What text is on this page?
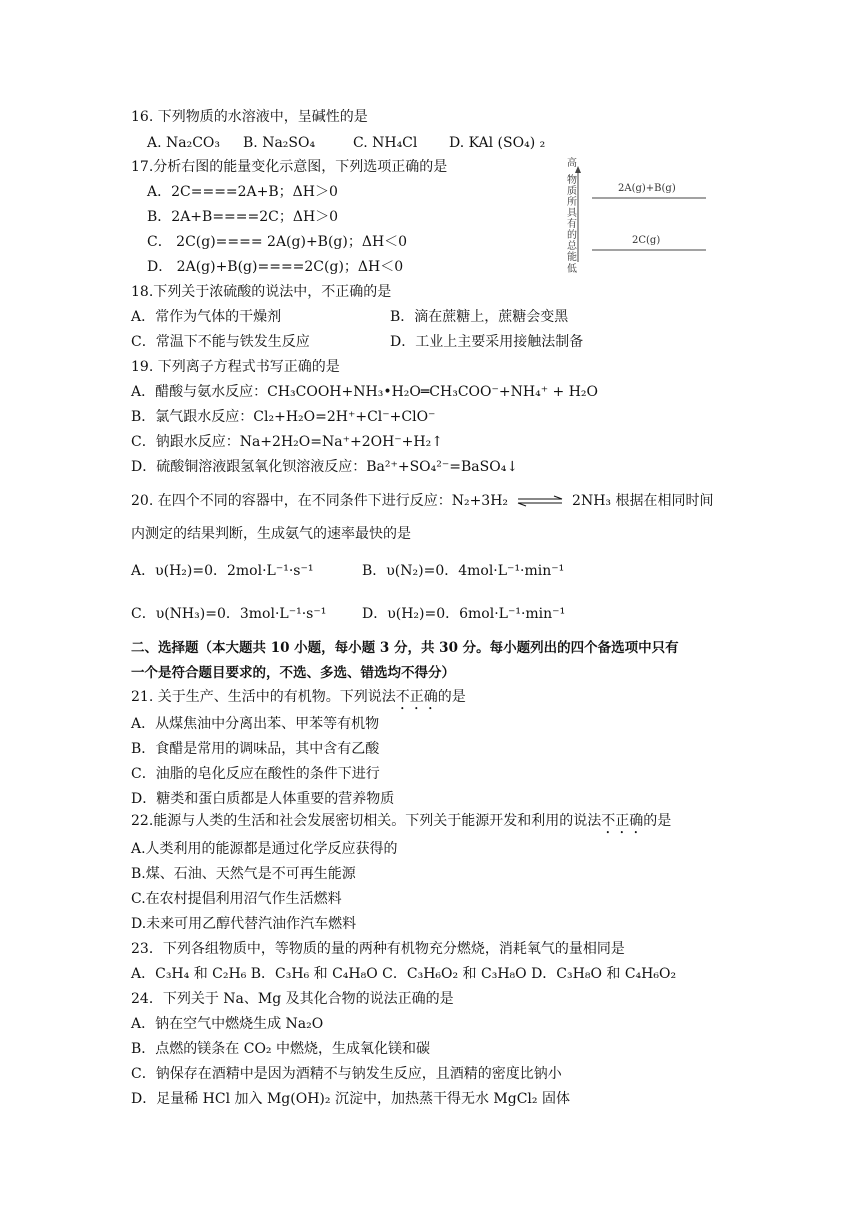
16. 下列物质的水溶液中，呈碱性的是
A. Na₂CO₃ B. Na₂SO₄	C. NH₄Cl D. KAl (SO₄) ₂
17.分析右图的能量变化示意图，下列选项正确的是
A．2C====2A+B；ΔH＞0
B．2A+B====2C；ΔH＞0
C． 2C(g)==== 2A(g)+B(g)；ΔH＜0
D． 2A(g)+B(g)====2C(g)；ΔH＜0
高
物
质
所
具
有
的
总
能
低
2A(g)+B(g)
2C(g)
18.下列关于浓硫酸的说法中，不正确的是
A．常作为气体的干燥剂	B．滴在蔗糖上，蔗糖会变黑
C．常温下不能与铁发生反应	D．工业上主要采用接触法制备
19. 下列离子方程式书写正确的是
A．醋酸与氨水反应：CH₃COOH+NH₃•H₂O═CH₃COO⁻+NH₄⁺ + H₂O
B．氯气跟水反应：Cl₂+H₂O=2H⁺+Cl⁻+ClO⁻
C．钠跟水反应：Na+2H₂O=Na⁺+2OH⁻+H₂↑
D．硫酸铜溶液跟氢氧化钡溶液反应：Ba²⁺+SO₄²⁻=BaSO₄↓
20. 在四个不同的容器中，在不同条件下进行反应：N₂+3H₂ ⇌ 2NH₃ 根据在相同时间
内测定的结果判断，生成氨气的速率最快的是
A．υ(H₂)=0．2mol·L⁻¹·s⁻¹	B．υ(N₂)=0．4mol·L⁻¹·min⁻¹
C．υ(NH₃)=0．3mol·L⁻¹·s⁻¹	D．υ(H₂)=0．6mol·L⁻¹·min⁻¹
二、选择题（本大题共 10 小题，每小题 3 分，共 30 分。每小题列出的四个备选项中只有
一个是符合题目要求的，不选、多选、错选均不得分）
21. 关于生产、生活中的有机物。下列说法不正确的是
A．从煤焦油中分离出苯、甲苯等有机物
B．食醋是常用的调味品，其中含有乙酸
C．油脂的皂化反应在酸性的条件下进行
D．糖类和蛋白质都是人体重要的营养物质
22.能源与人类的生活和社会发展密切相关。下列关于能源开发和利用的说法不正确的是
A.人类利用的能源都是通过化学反应获得的
B.煤、石油、天然气是不可再生能源
C.在农村提倡利用沼气作生活燃料
D.未来可用乙醇代替汽油作汽车燃料
23．下列各组物质中，等物质的量的两种有机物充分燃烧，消耗氧气的量相同是
A．C₃H₄ 和 C₂H₆ B．C₃H₆ 和 C₄H₈O C．C₃H₆O₂ 和 C₃H₈O D．C₃H₈O 和 C₄H₆O₂
24．下列关于 Na、Mg 及其化合物的说法正确的是
A．钠在空气中燃烧生成 Na₂O
B．点燃的镁条在 CO₂ 中燃烧，生成氧化镁和碳
C．钠保存在酒精中是因为酒精不与钠发生反应，且酒精的密度比钠小
D．足量稀 HCl 加入 Mg(OH)₂ 沉淀中，加热蒸干得无水 MgCl₂ 固体
